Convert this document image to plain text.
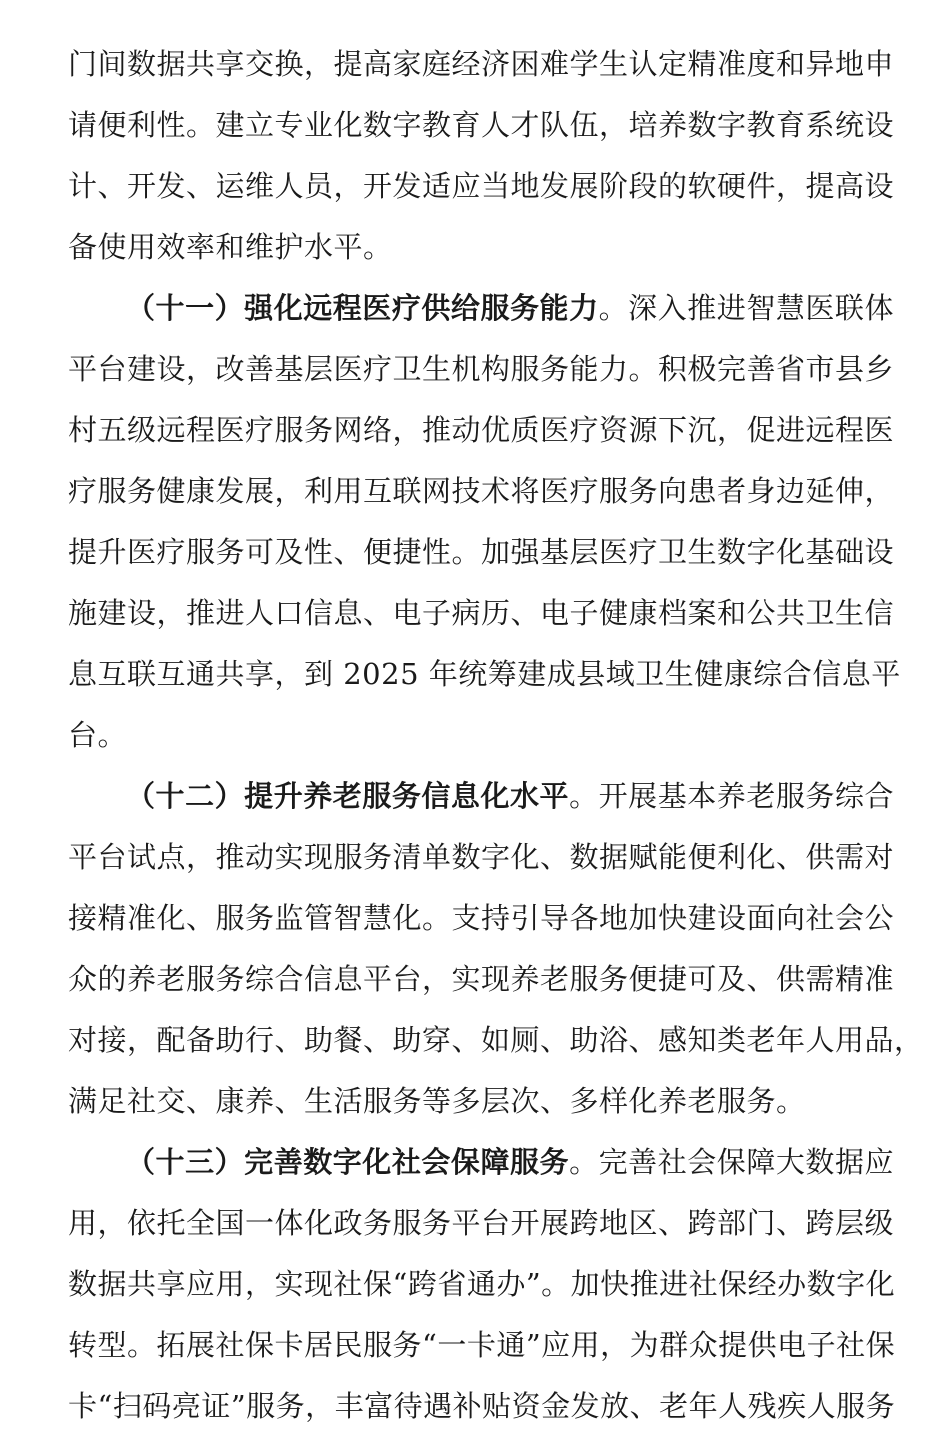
门间数据共享交换，提高家庭经济困难学生认定精准度和异地申
请便利性。建立专业化数字教育人才队伍，培养数字教育系统设
计、开发、运维人员，开发适应当地发展阶段的软硬件，提高设
备使用效率和维护水平。
（十一）强化远程医疗供给服务能力。深入推进智慧医联体
平台建设，改善基层医疗卫生机构服务能力。积极完善省市县乡
村五级远程医疗服务网络，推动优质医疗资源下沉，促进远程医
疗服务健康发展，利用互联网技术将医疗服务向患者身边延伸，
提升医疗服务可及性、便捷性。加强基层医疗卫生数字化基础设
施建设，推进人口信息、电子病历、电子健康档案和公共卫生信
息互联互通共享，到 2025 年统筹建成县域卫生健康综合信息平
台。
（十二）提升养老服务信息化水平。开展基本养老服务综合
平台试点，推动实现服务清单数字化、数据赋能便利化、供需对
接精准化、服务监管智慧化。支持引导各地加快建设面向社会公
众的养老服务综合信息平台，实现养老服务便捷可及、供需精准
对接，配备助行、助餐、助穿、如厕、助浴、感知类老年人用品，
满足社交、康养、生活服务等多层次、多样化养老服务。
（十三）完善数字化社会保障服务。完善社会保障大数据应
用，依托全国一体化政务服务平台开展跨地区、跨部门、跨层级
数据共享应用，实现社保“跨省通办”。加快推进社保经办数字化
转型。拓展社保卡居民服务“一卡通”应用，为群众提供电子社保
卡“扫码亮证”服务，丰富待遇补贴资金发放、老年人残疾人服务
